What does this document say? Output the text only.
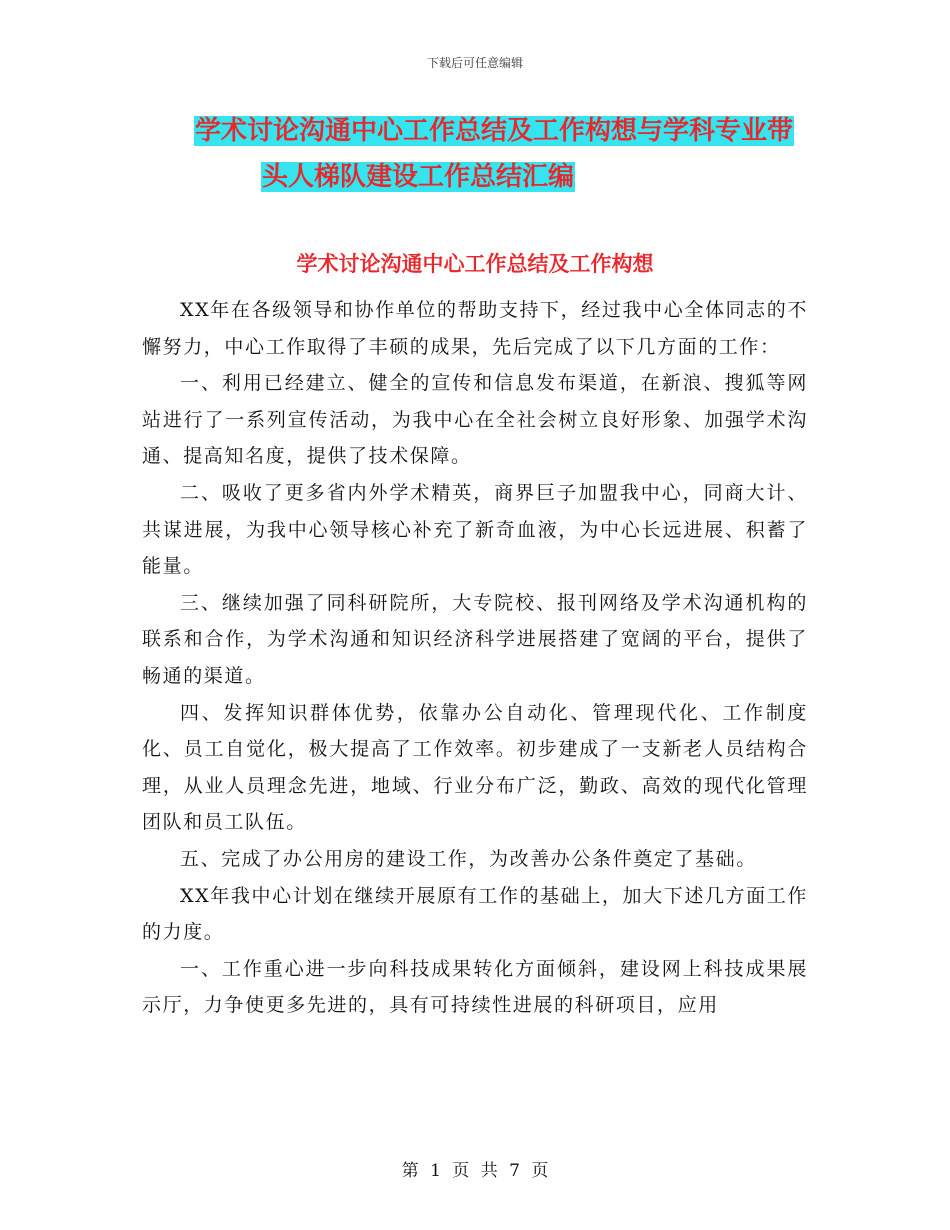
下载后可任意编辑
学术讨论沟通中心工作总结及工作构想与学科专业带
头人梯队建设工作总结汇编
学术讨论沟通中心工作总结及工作构想

XX年在各级领导和协作单位的帮助支持下，经过我中心全体同志的不懈努力，中心工作取得了丰硕的成果，先后完成了以下几方面的工作：

一、利用已经建立、健全的宣传和信息发布渠道，在新浪、搜狐等网站进行了一系列宣传活动，为我中心在全社会树立良好形象、加强学术沟通、提高知名度，提供了技术保障。

二、吸收了更多省内外学术精英，商界巨子加盟我中心，同商大计、共谋进展，为我中心领导核心补充了新奇血液，为中心长远进展、积蓄了能量。

三、继续加强了同科研院所，大专院校、报刊网络及学术沟通机构的联系和合作，为学术沟通和知识经济科学进展搭建了宽阔的平台，提供了畅通的渠道。

四、发挥知识群体优势，依靠办公自动化、管理现代化、工作制度化、员工自觉化，极大提高了工作效率。初步建成了一支新老人员结构合理，从业人员理念先进，地域、行业分布广泛，勤政、高效的现代化管理团队和员工队伍。

五、完成了办公用房的建设工作，为改善办公条件奠定了基础。

XX年我中心计划在继续开展原有工作的基础上，加大下述几方面工作的力度。

一、工作重心进一步向科技成果转化方面倾斜，建设网上科技成果展示厅，力争使更多先进的，具有可持续性进展的科研项目，应用

第 1 页 共 7 页
